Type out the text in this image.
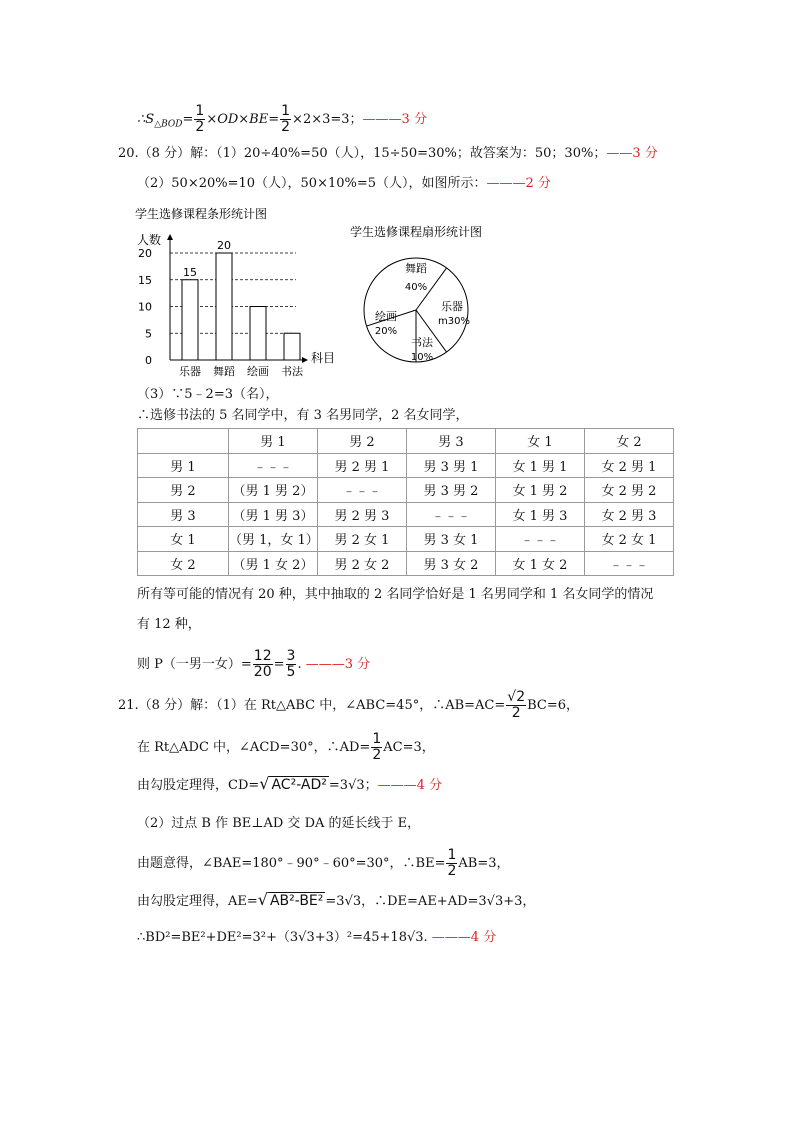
$\therefore S_{\triangle BOD}= \frac{1}{2} \times OD\times BE= \frac{1}{2} \times 2\times 3=3$；———3 分
20.（8 分）解：（1）20÷40%=50（人），15÷50=30%；故答案为：50；30%；——3 分
（2）50×20%=10（人），50×10%=5（人），如图所示：———2 分
学生选修课程条形统计图
人数
0
5
10
15
20
乐器
15
舞蹈
20
绘画 书法
科目
学生选修课程扇形统计图
舞蹈
40%
乐器
m30%
书法
10%
绘画
20%
（3）∵5﹣2=3（名），
∴选修书法的 5 名同学中，有 3 名男同学，2 名女同学，
	男 1	男 2	男 3	女 1	女 2
男 1	﹣﹣﹣	男 2 男 1	男 3 男 1	女 1 男 1	女 2 男 1
男 2	（男 1 男 2）	﹣﹣﹣	男 3 男 2	女 1 男 2	女 2 男 2
男 3	（男 1 男 3）	男 2 男 3	﹣﹣﹣	女 1 男 3	女 2 男 3
女 1	（男 1，女 1）	男 2 女 1	男 3 女 1	﹣﹣﹣	女 2 女 1
女 2	（男 1 女 2）	男 2 女 2	男 3 女 2	女 1 女 2	﹣﹣﹣
所有等可能的情况有 20 种，其中抽取的 2 名同学恰好是 1 名男同学和 1 名女同学的情况
有 12 种，
则 P（一男一女）= $\frac{12}{20} = \frac{3}{5}$ . ———3 分
21.（8 分）解：（1）在 Rt△ABC 中，∠ABC=45°，∴AB=AC= $\frac{√2}{2} BC=6$，
在 Rt△ADC 中，∠ACD=30°，∴AD= $\frac{1}{2} AC=3$，
由勾股定理得，CD=√ AC²-AD² =3√3；———4 分
（2）过点 B 作 BE⊥AD 交 DA 的延长线于 E，
由题意得，∠BAE=180°﹣90°﹣60°=30°，∴BE= $\frac{1}{2} AB=3$，
由勾股定理得，AE=√ AB²-BE² =3√3，∴DE=AE+AD=3√3+3，
∴BD²=BE²+DE²=3²+（3√3+3）²=45+18√3. ———4 分
